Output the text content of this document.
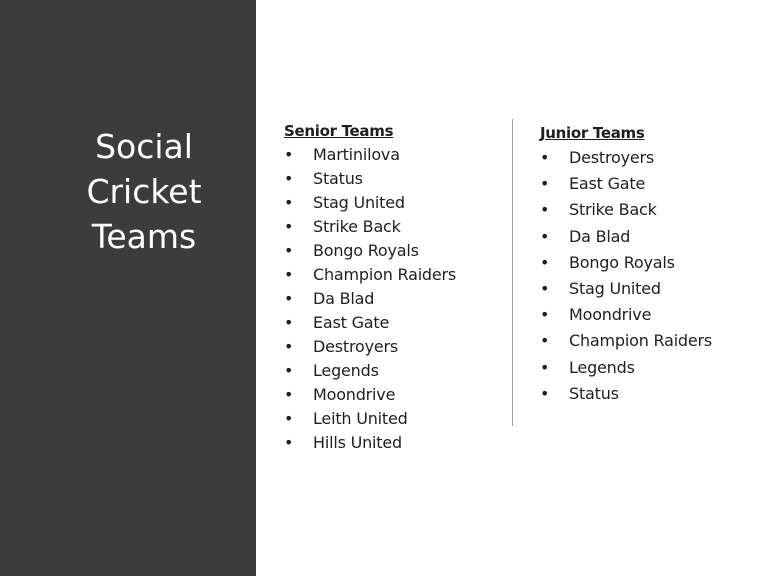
Social
Cricket
Teams
Senior Teams
• Martinilova
• Status
• Stag United
• Strike Back
• Bongo Royals
• Champion Raiders
• Da Blad
• East Gate
• Destroyers
• Legends
• Moondrive
• Leith United
• Hills United
Junior Teams
• Destroyers
• East Gate
• Strike Back
• Da Blad
• Bongo Royals
• Stag United
• Moondrive
• Champion Raiders
• Legends
• Status
